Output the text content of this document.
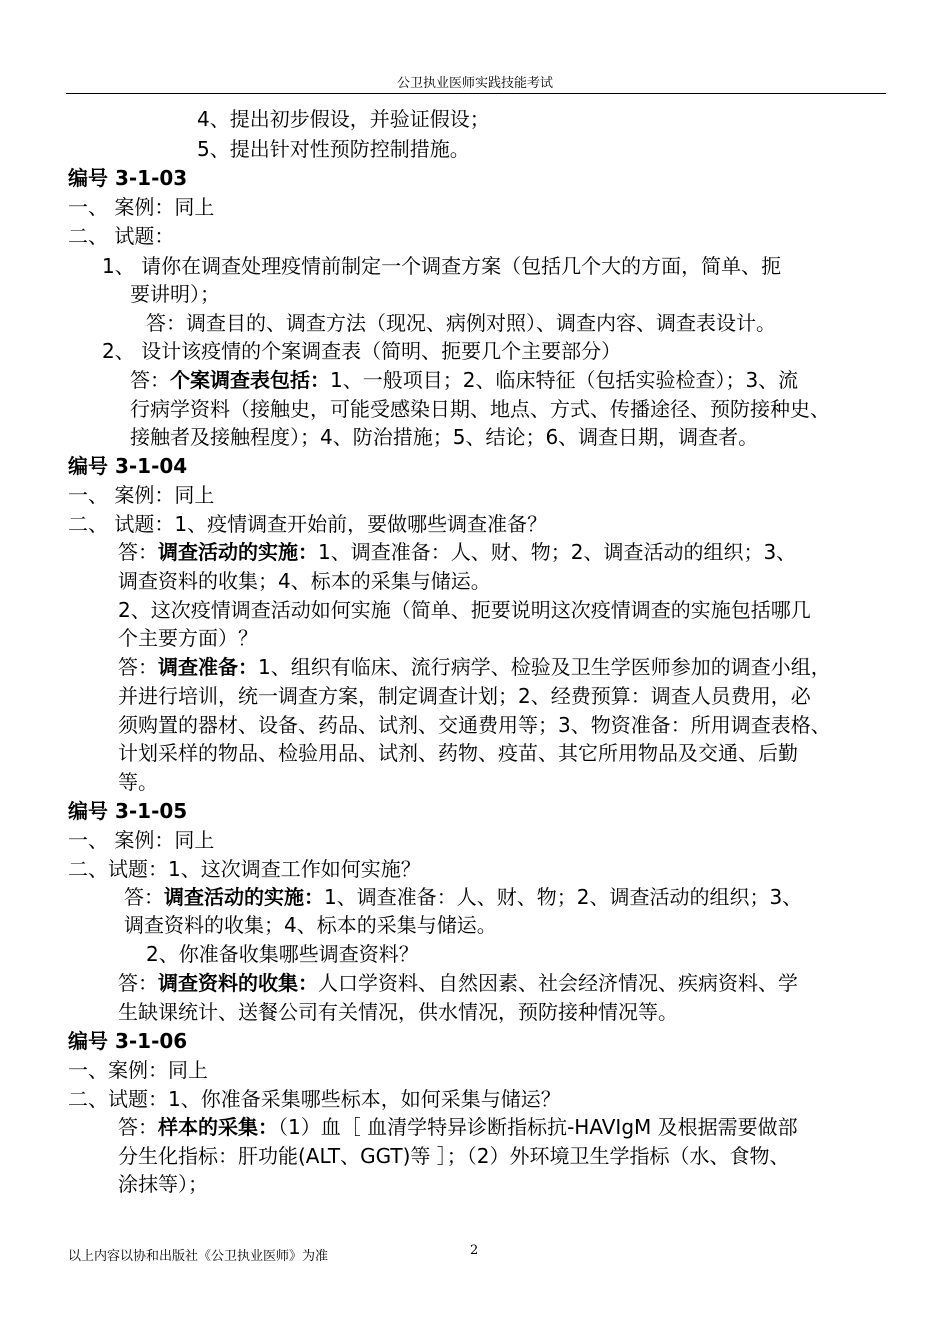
公卫执业医师实践技能考试
4、提出初步假设，并验证假设；
5、提出针对性预防控制措施。
编号 3-1-03
一、 案例：同上
二、 试题：
1、 请你在调查处理疫情前制定一个调查方案（包括几个大的方面，简单、扼
要讲明）；
答：调查目的、调查方法（现况、病例对照）、调查内容、调查表设计。
2、 设计该疫情的个案调查表（简明、扼要几个主要部分）
答：个案调查表包括：1、一般项目；2、临床特征（包括实验检查）；3、流
行病学资料（接触史，可能受感染日期、地点、方式、传播途径、预防接种史、
接触者及接触程度）；4、防治措施；5、结论；6、调查日期，调查者。
编号 3-1-04
一、 案例：同上
二、 试题：1、疫情调查开始前，要做哪些调查准备？
答：调查活动的实施：1、调查准备：人、财、物；2、调查活动的组织；3、
调查资料的收集；4、标本的采集与储运。
2、这次疫情调查活动如何实施（简单、扼要说明这次疫情调查的实施包括哪几
个主要方面）？
答：调查准备：1、组织有临床、流行病学、检验及卫生学医师参加的调查小组，
并进行培训，统一调查方案，制定调查计划；2、经费预算：调查人员费用，必
须购置的器材、设备、药品、试剂、交通费用等；3、物资准备：所用调查表格、
计划采样的物品、检验用品、试剂、药物、疫苗、其它所用物品及交通、后勤
等。
编号 3-1-05
一、 案例：同上
二、试题：1、这次调查工作如何实施？
答：调查活动的实施：1、调查准备：人、财、物；2、调查活动的组织；3、
调查资料的收集；4、标本的采集与储运。
2、你准备收集哪些调查资料？
答：调查资料的收集：人口学资料、自然因素、社会经济情况、疾病资料、学
生缺课统计、送餐公司有关情况，供水情况，预防接种情况等。
编号 3-1-06
一、案例：同上
二、试题：1、你准备采集哪些标本，如何采集与储运？
答：样本的采集：（1）血［ 血清学特异诊断指标抗-HAVIgM 及根据需要做部
分生化指标：肝功能(ALT、GGT)等 ］；（2）外环境卫生学指标（水、食物、
涂抹等）；
以上内容以协和出版社《公卫执业医师》为准	2
